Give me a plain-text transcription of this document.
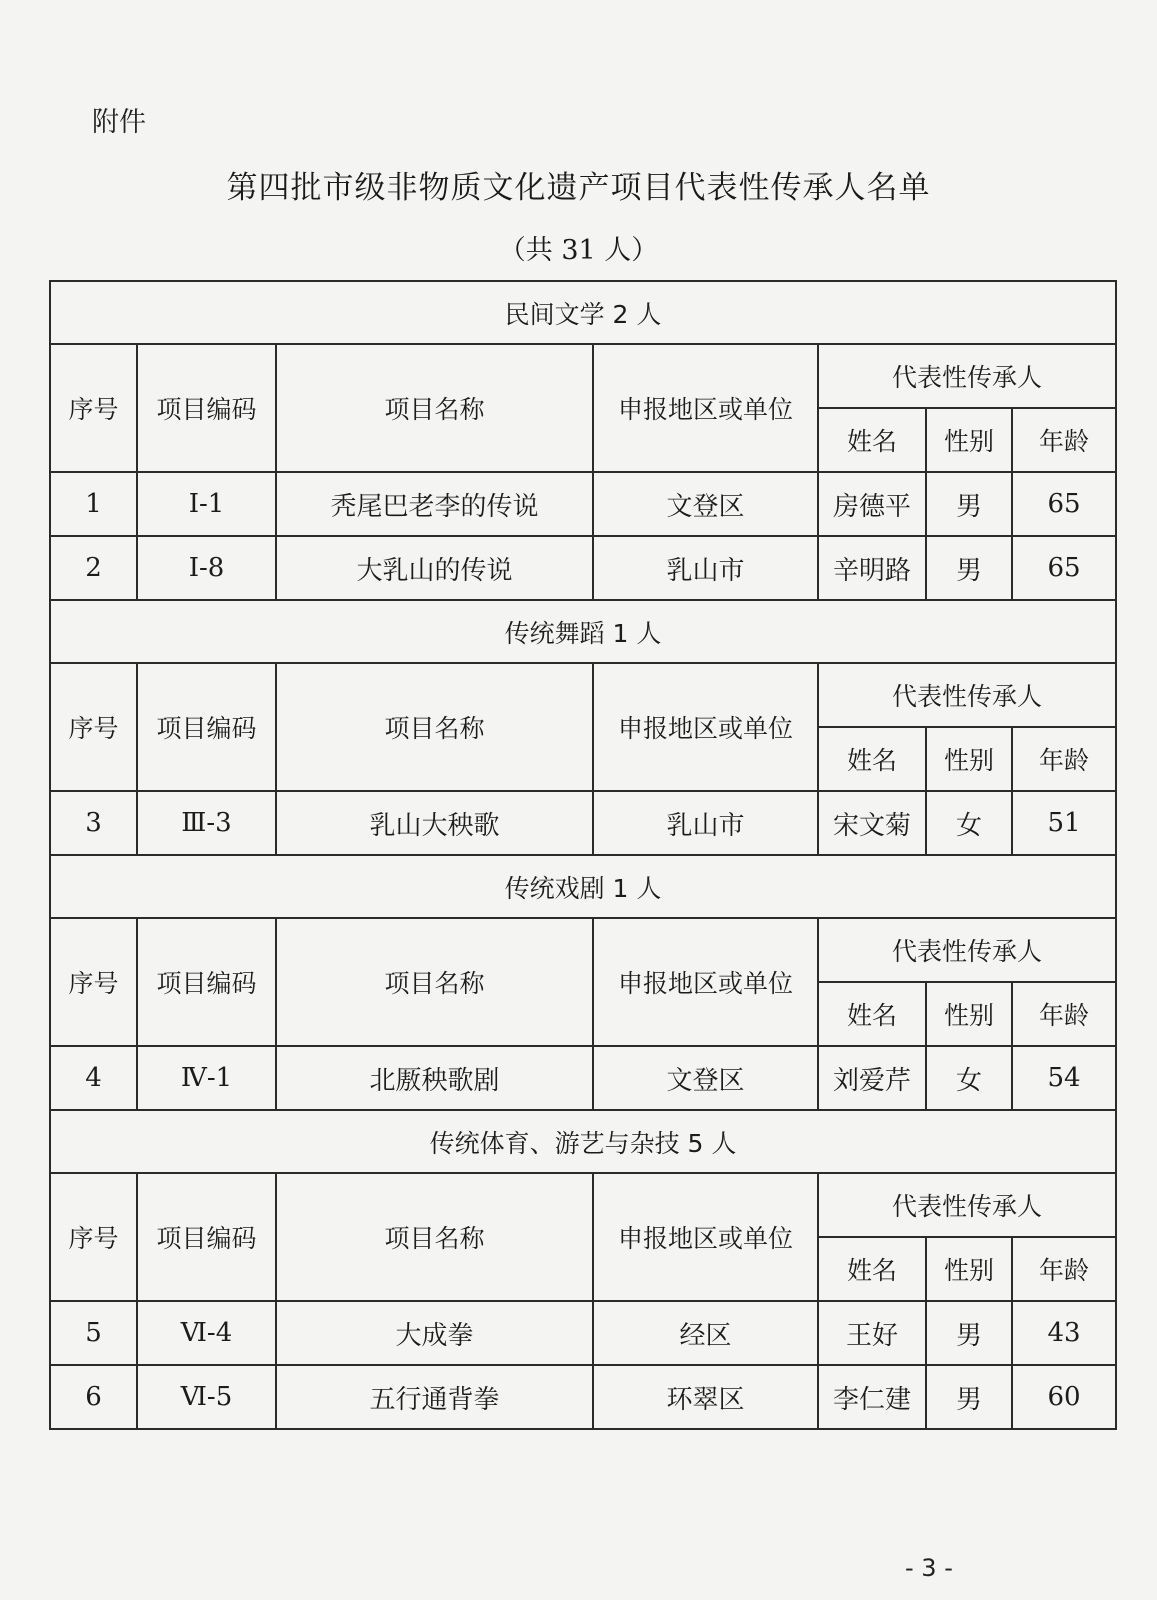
附件
第四批市级非物质文化遗产项目代表性传承人名单
（共 31 人）
民间文学 2 人						
序号	项目编码	项目名称	申报地区或单位	代表性传承人		
				姓名	性别	年龄
1	Ⅰ-1	秃尾巴老李的传说	文登区	房德平	男	65
2	Ⅰ-8	大乳山的传说	乳山市	辛明路	男	65
传统舞蹈 1 人						
序号	项目编码	项目名称	申报地区或单位	代表性传承人		
				姓名	性别	年龄
3	Ⅲ-3	乳山大秧歌	乳山市	宋文菊	女	51
传统戏剧 1 人						
序号	项目编码	项目名称	申报地区或单位	代表性传承人		
				姓名	性别	年龄
4	Ⅳ-1	北厫秧歌剧	文登区	刘爱芹	女	54
传统体育、游艺与杂技 5 人						
序号	项目编码	项目名称	申报地区或单位	代表性传承人		
				姓名	性别	年龄
5	Ⅵ-4	大成拳	经区	王好	男	43
6	Ⅵ-5	五行通背拳	环翠区	李仁建	男	60
- 3 -
